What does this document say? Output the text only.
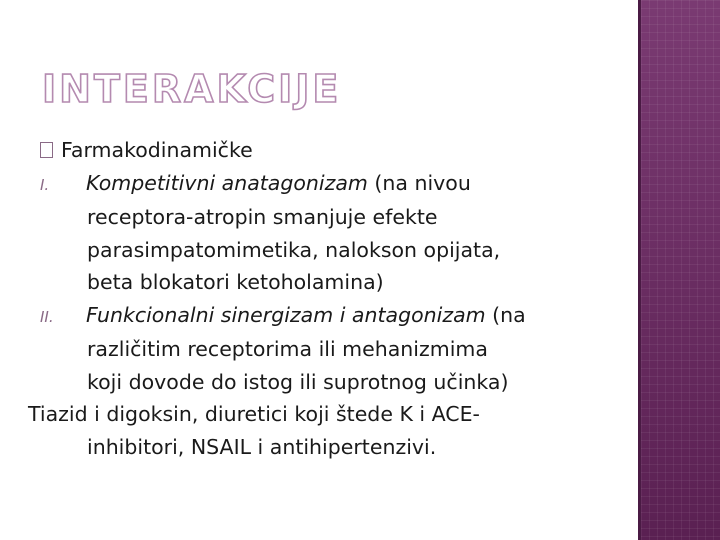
INTERAKCIJE
Farmakodinamičke
I. Kompetitivni anatagonizam (na nivou
receptora-atropin smanjuje efekte
parasimpatomimetika, nalokson opijata,
beta blokatori ketoholamina)
II. Funkcionalni sinergizam i antagonizam (na
različitim receptorima ili mehanizmima
koji dovode do istog ili suprotnog učinka)
Tiazid i digoksin, diuretici koji štede K i ACE-
inhibitori, NSAIL i antihipertenzivi.
